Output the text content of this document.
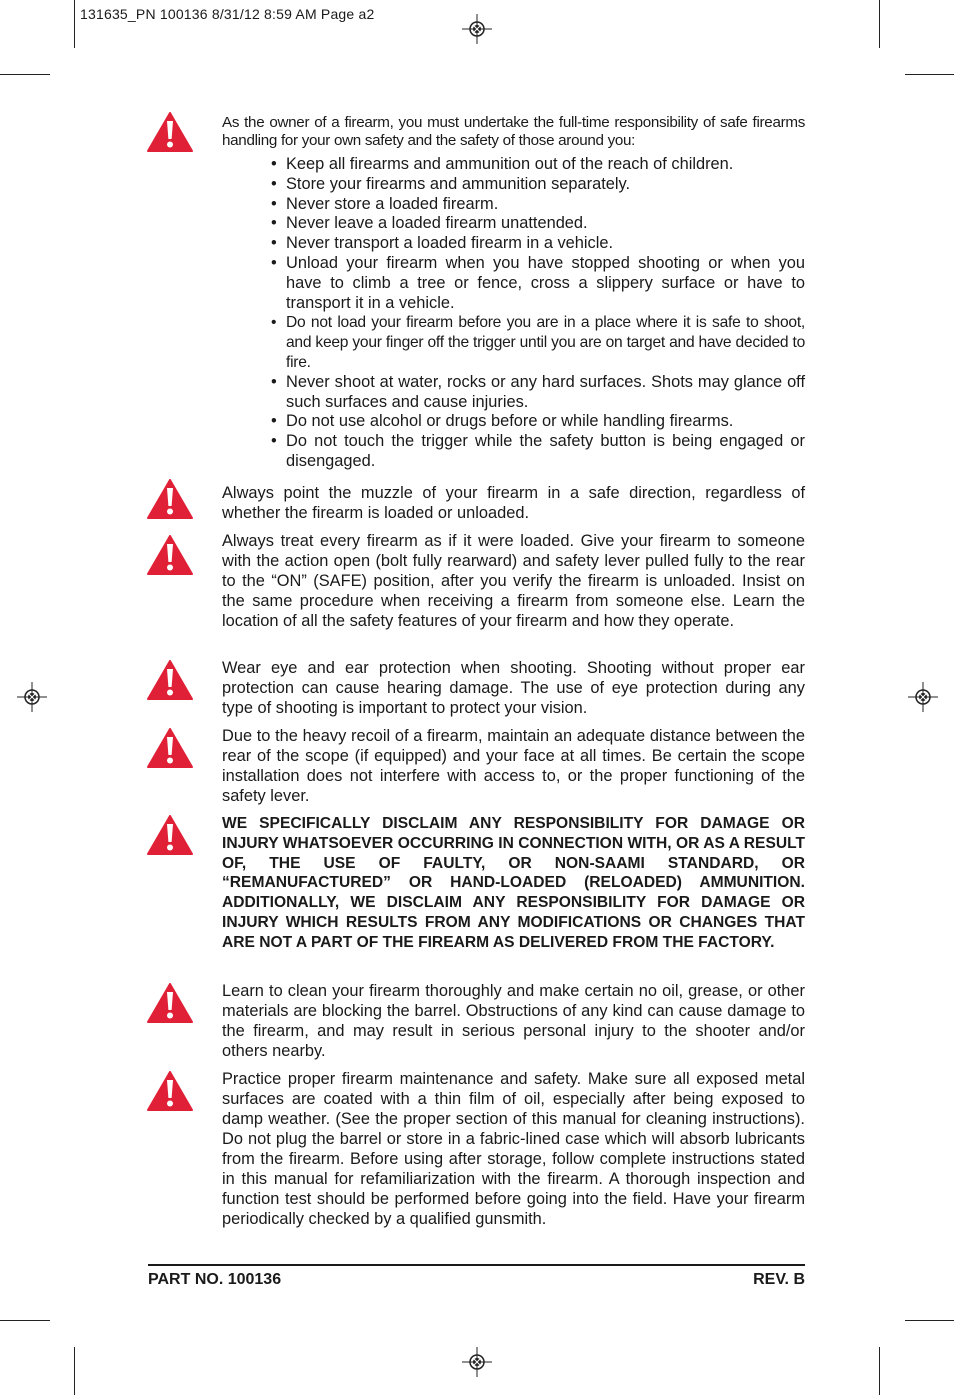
131635_PN 100136 8/31/12 8:59 AM Page a2

As the owner of a firearm, you must undertake the full-time responsibility of safe firearms handling for your own safety and the safety of those around you:

• Keep all firearms and ammunition out of the reach of children.
• Store your firearms and ammunition separately.
• Never store a loaded firearm.
• Never leave a loaded firearm unattended.
• Never transport a loaded firearm in a vehicle.
• Unload your firearm when you have stopped shooting or when you have to climb a tree or fence, cross a slippery surface or have to transport it in a vehicle.
• Do not load your firearm before you are in a place where it is safe to shoot, and keep your finger off the trigger until you are on target and have decided to fire.
• Never shoot at water, rocks or any hard surfaces. Shots may glance off such surfaces and cause injuries.
• Do not use alcohol or drugs before or while handling firearms.
• Do not touch the trigger while the safety button is being engaged or disengaged.

Always point the muzzle of your firearm in a safe direction, regardless of whether the firearm is loaded or unloaded.

Always treat every firearm as if it were loaded. Give your firearm to someone with the action open (bolt fully rearward) and safety lever pulled fully to the rear to the “ON” (SAFE) position, after you verify the firearm is unloaded. Insist on the same procedure when receiving a firearm from someone else. Learn the location of all the safety features of your firearm and how they operate.

Wear eye and ear protection when shooting. Shooting without proper ear protection can cause hearing damage. The use of eye protection during any type of shooting is important to protect your vision.

Due to the heavy recoil of a firearm, maintain an adequate distance between the rear of the scope (if equipped) and your face at all times. Be certain the scope installation does not interfere with access to, or the proper functioning of the safety lever.

WE SPECIFICALLY DISCLAIM ANY RESPONSIBILITY FOR DAMAGE OR INJURY WHATSOEVER OCCURRING IN CONNECTION WITH, OR AS A RESULT OF, THE USE OF FAULTY, OR NON-SAAMI STANDARD, OR “REMANUFACTURED” OR HAND-LOADED (RELOADED) AMMUNITION. ADDITIONALLY, WE DISCLAIM ANY RESPONSIBILITY FOR DAMAGE OR INJURY WHICH RESULTS FROM ANY MODIFICATIONS OR CHANGES THAT ARE NOT A PART OF THE FIREARM AS DELIVERED FROM THE FACTORY.

Learn to clean your firearm thoroughly and make certain no oil, grease, or other materials are blocking the barrel. Obstructions of any kind can cause damage to the firearm, and may result in serious personal injury to the shooter and/or others nearby.

Practice proper firearm maintenance and safety. Make sure all exposed metal surfaces are coated with a thin film of oil, especially after being exposed to damp weather. (See the proper section of this manual for cleaning instructions). Do not plug the barrel or store in a fabric-lined case which will absorb lubricants from the firearm. Before using after storage, follow complete instructions stated in this manual for refamiliarization with the firearm. A thorough inspection and function test should be performed before going into the field. Have your firearm periodically checked by a qualified gunsmith.

PART NO. 100136	REV. B
